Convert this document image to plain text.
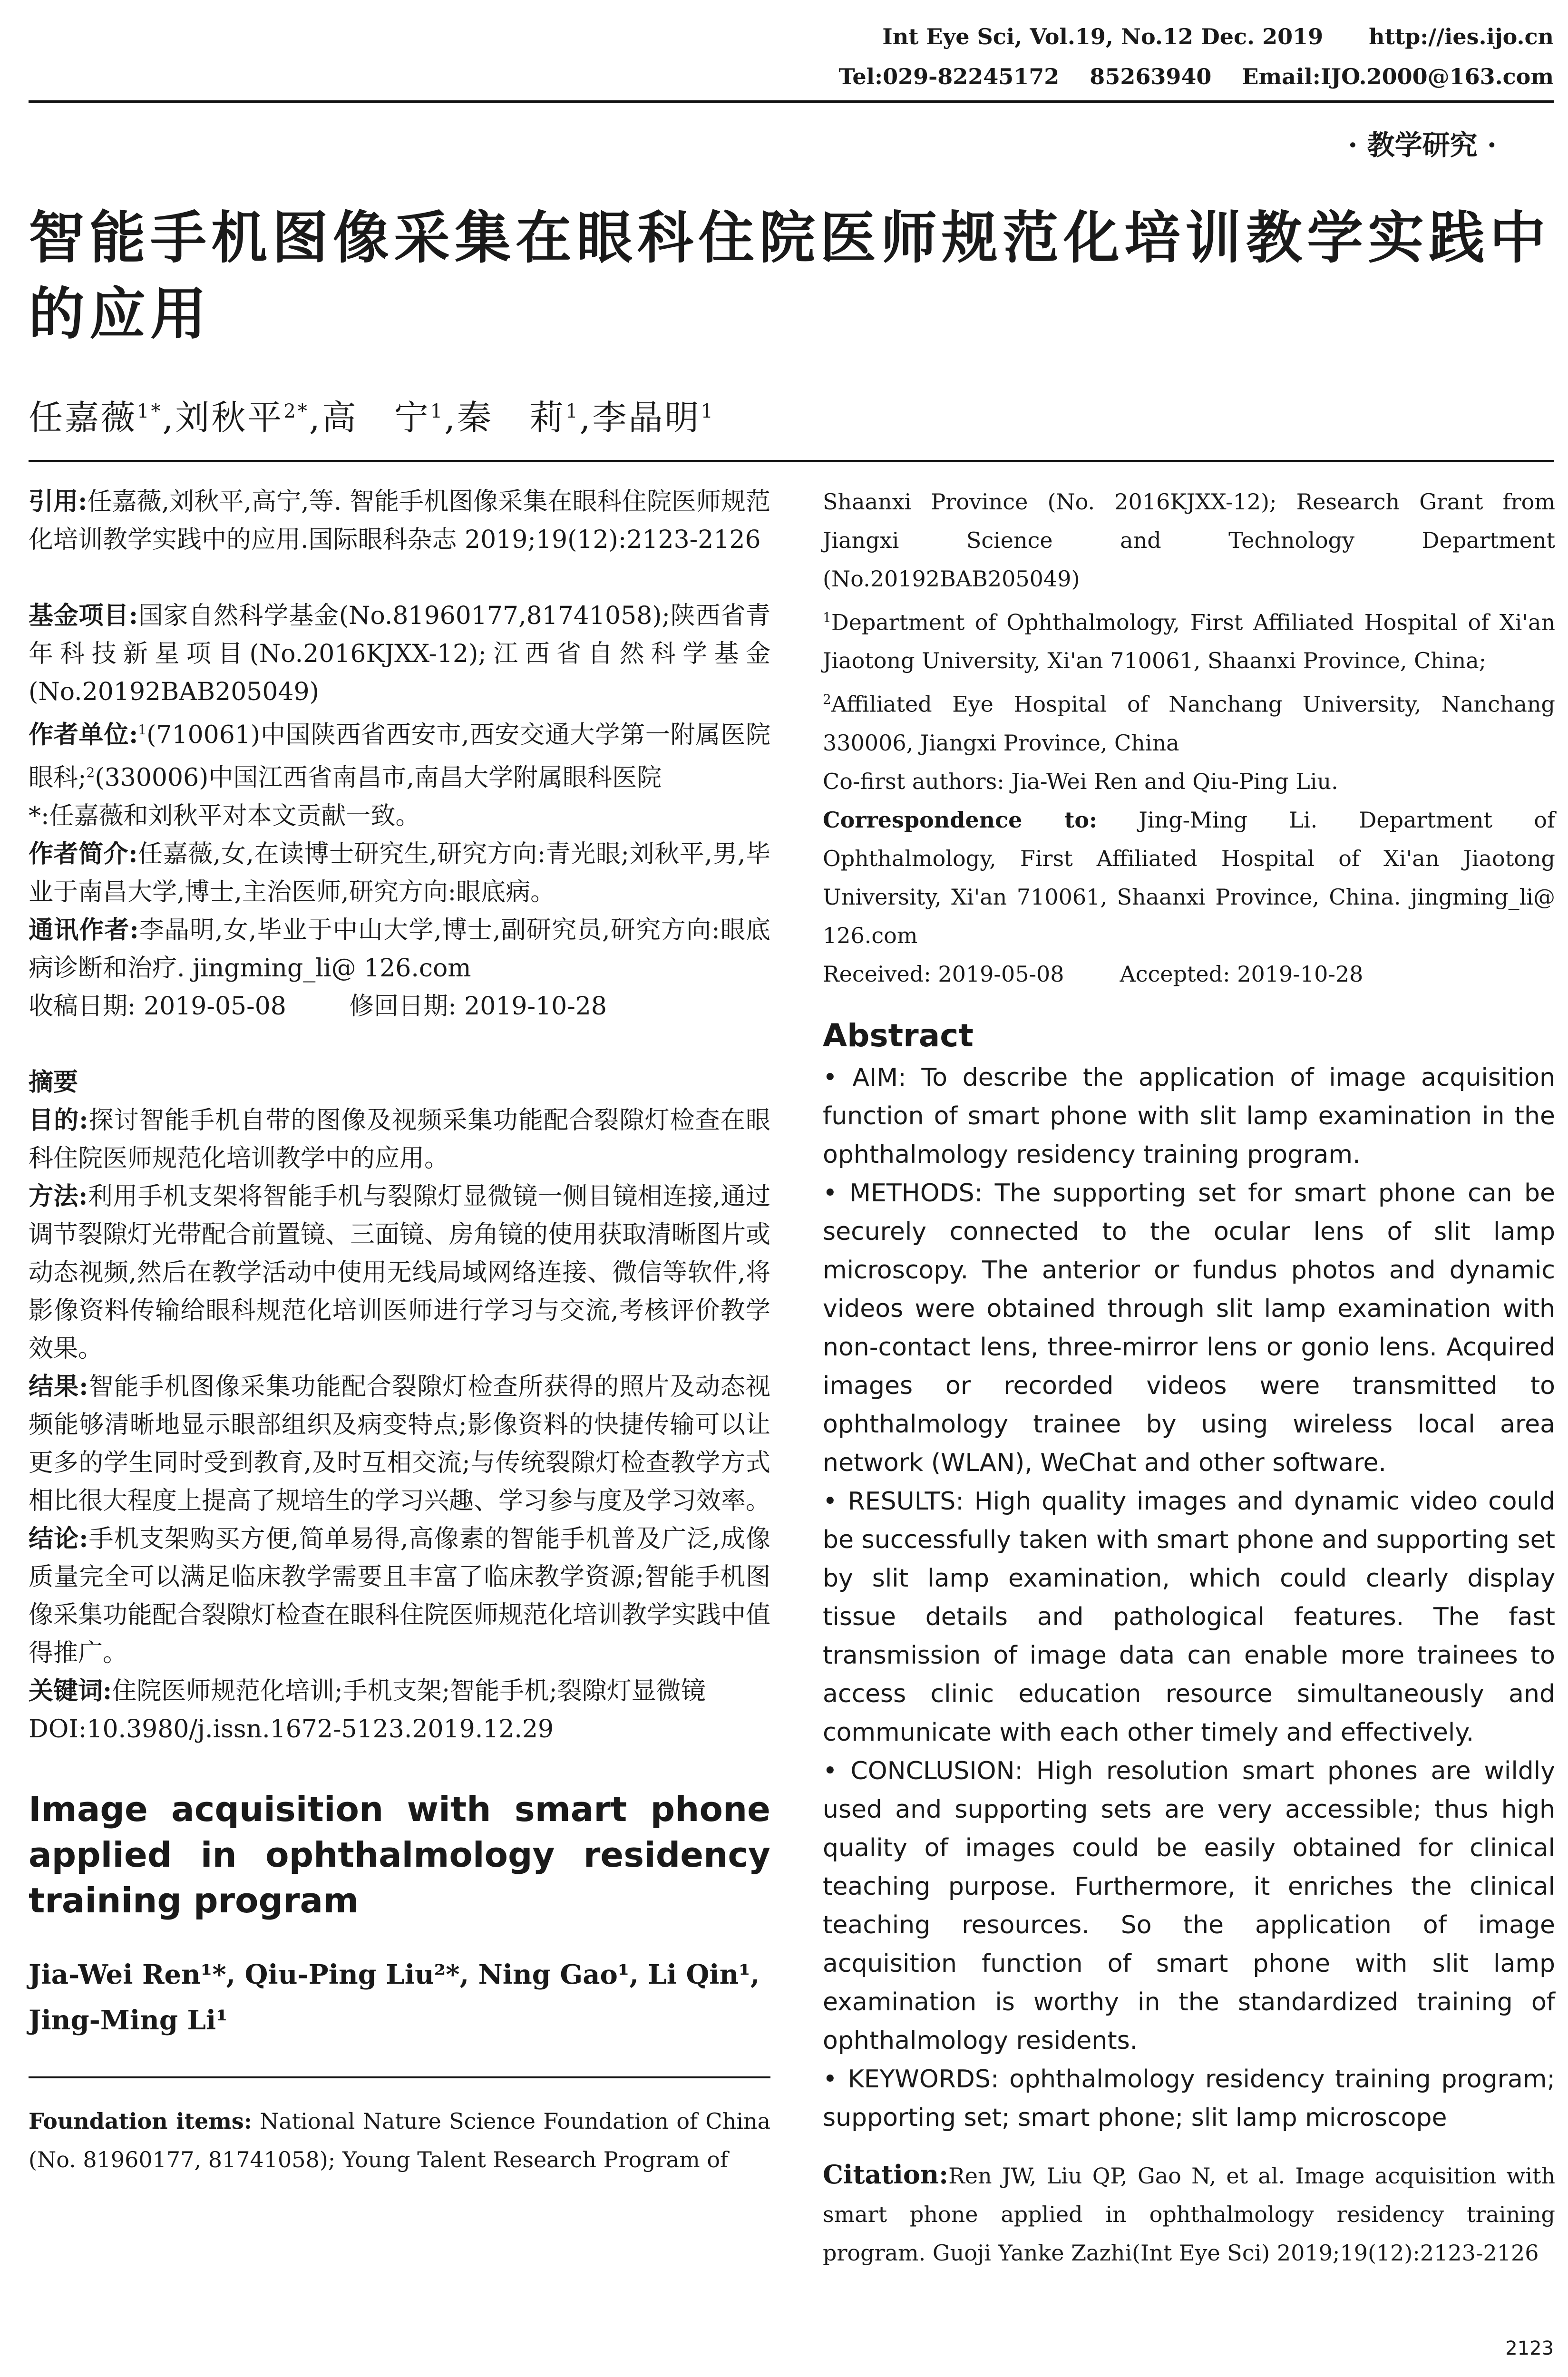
Int Eye Sci, Vol.19, No.12 Dec. 2019      http://ies.ijo.cn
Tel:029-82245172    85263940    Email:IJO.2000@163.com
· 教学研究 ·
智能手机图像采集在眼科住院医师规范化培训教学实践中的应用
任嘉薇$^{1*}$,刘秋平$^{2*}$,高　宁$^1$,秦　莉$^1$,李晶明$^1$
引用:任嘉薇,刘秋平,高宁,等. 智能手机图像采集在眼科住院医师规范化培训教学实践中的应用.国际眼科杂志 2019;19(12):2123-2126
基金项目:国家自然科学基金(No.81960177,81741058);陕西省青年科技新星项目(No.2016KJXX-12);江西省自然科学基金(No.20192BAB205049)
作者单位:$^1$(710061)中国陕西省西安市,西安交通大学第一附属医院眼科;$^2$(330006)中国江西省南昌市,南昌大学附属眼科医院
*:任嘉薇和刘秋平对本文贡献一致。
作者简介:任嘉薇,女,在读博士研究生,研究方向:青光眼;刘秋平,男,毕业于南昌大学,博士,主治医师,研究方向:眼底病。
通讯作者:李晶明,女,毕业于中山大学,博士,副研究员,研究方向:眼底病诊断和治疗. jingming_li@ 126.com
收稿日期: 2019-05-08        修回日期: 2019-10-28
摘要
目的:探讨智能手机自带的图像及视频采集功能配合裂隙灯检查在眼科住院医师规范化培训教学中的应用。
方法:利用手机支架将智能手机与裂隙灯显微镜一侧目镜相连接,通过调节裂隙灯光带配合前置镜、三面镜、房角镜的使用获取清晰图片或动态视频,然后在教学活动中使用无线局域网络连接、微信等软件,将影像资料传输给眼科规范化培训医师进行学习与交流,考核评价教学效果。
结果:智能手机图像采集功能配合裂隙灯检查所获得的照片及动态视频能够清晰地显示眼部组织及病变特点;影像资料的快捷传输可以让更多的学生同时受到教育,及时互相交流;与传统裂隙灯检查教学方式相比很大程度上提高了规培生的学习兴趣、学习参与度及学习效率。
结论:手机支架购买方便,简单易得,高像素的智能手机普及广泛,成像质量完全可以满足临床教学需要且丰富了临床教学资源;智能手机图像采集功能配合裂隙灯检查在眼科住院医师规范化培训教学实践中值得推广。
关键词:住院医师规范化培训;手机支架;智能手机;裂隙灯显微镜
DOI:10.3980/j.issn.1672-5123.2019.12.29
Image acquisition with smart phone applied in ophthalmology residency training program
Jia-Wei Ren¹*, Qiu-Ping Liu²*, Ning Gao¹, Li Qin¹, Jing-Ming Li¹
Foundation items: National Nature Science Foundation of China (No. 81960177, 81741058); Young Talent Research Program of
Shaanxi Province (No. 2016KJXX-12); Research Grant from Jiangxi Science and Technology Department (No.20192BAB205049)
$^1$Department of Ophthalmology, First Affiliated Hospital of Xi'an Jiaotong University, Xi'an 710061, Shaanxi Province, China;
$^2$Affiliated Eye Hospital of Nanchang University, Nanchang 330006, Jiangxi Province, China
Co-first authors: Jia-Wei Ren and Qiu-Ping Liu.
Correspondence to: Jing-Ming Li. Department of Ophthalmology, First Affiliated Hospital of Xi'an Jiaotong University, Xi'an 710061, Shaanxi Province, China. jingming_li@ 126.com
Received: 2019-05-08        Accepted: 2019-10-28
Abstract
• AIM: To describe the application of image acquisition function of smart phone with slit lamp examination in the ophthalmology residency training program.
• METHODS: The supporting set for smart phone can be securely connected to the ocular lens of slit lamp microscopy. The anterior or fundus photos and dynamic videos were obtained through slit lamp examination with non-contact lens, three-mirror lens or gonio lens. Acquired images or recorded videos were transmitted to ophthalmology trainee by using wireless local area network (WLAN), WeChat and other software.
• RESULTS: High quality images and dynamic video could be successfully taken with smart phone and supporting set by slit lamp examination, which could clearly display tissue details and pathological features. The fast transmission of image data can enable more trainees to access clinic education resource simultaneously and communicate with each other timely and effectively.
• CONCLUSION: High resolution smart phones are wildly used and supporting sets are very accessible; thus high quality of images could be easily obtained for clinical teaching purpose. Furthermore, it enriches the clinical teaching resources. So the application of image acquisition function of smart phone with slit lamp examination is worthy in the standardized training of ophthalmology residents.
• KEYWORDS: ophthalmology residency training program; supporting set; smart phone; slit lamp microscope
Citation:Ren JW, Liu QP, Gao N, et al. Image acquisition with smart phone applied in ophthalmology residency training program. Guoji Yanke Zazhi(Int Eye Sci) 2019;19(12):2123-2126
2123
